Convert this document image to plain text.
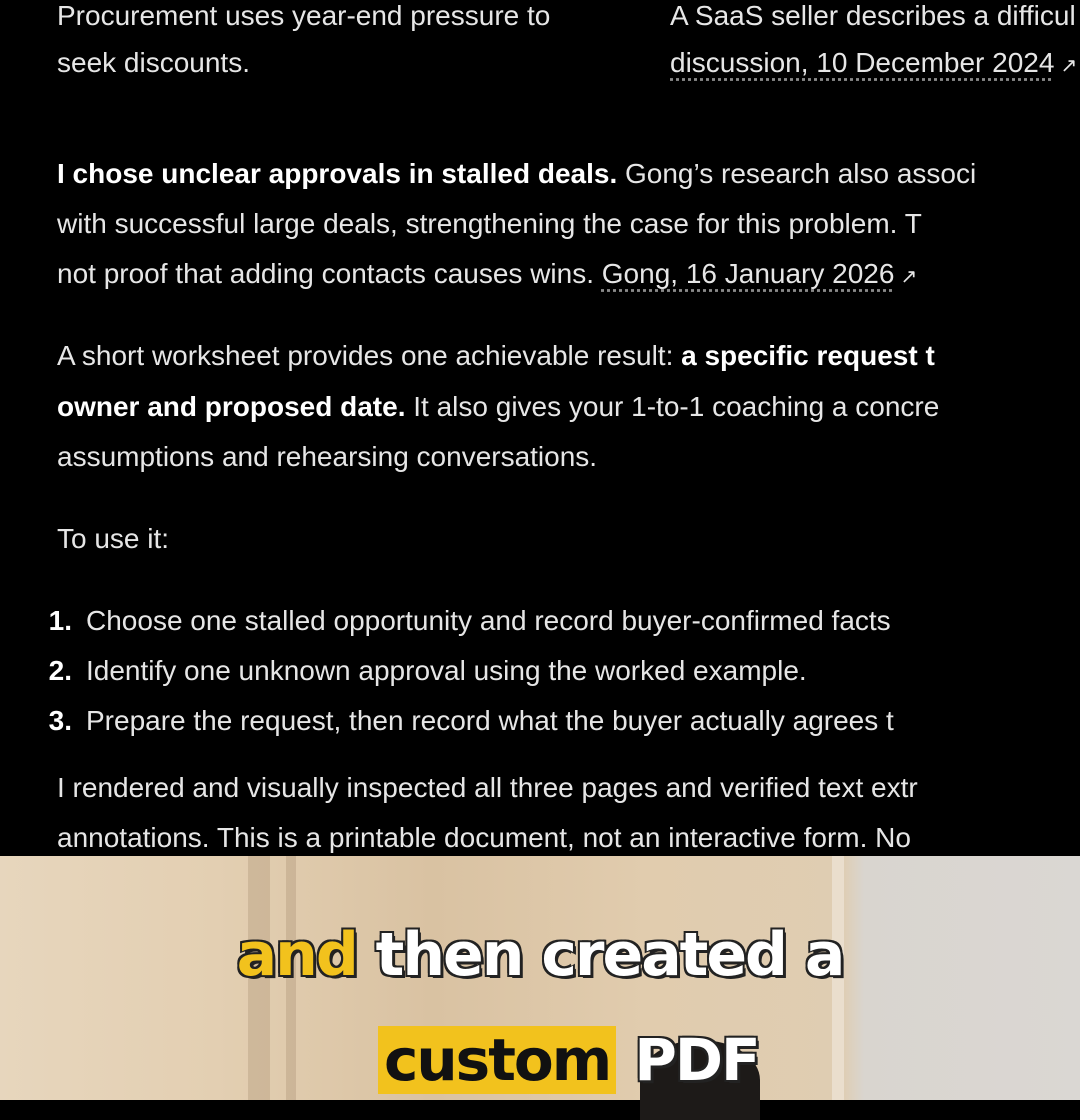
Procurement uses year-end pressure to
seek discounts.
A SaaS seller describes a difficul
discussion, 10 December 2024 ↗
I chose unclear approvals in stalled deals. Gong’s research also associ
with successful large deals, strengthening the case for this problem. T
not proof that adding contacts causes wins. Gong, 16 January 2026 ↗
A short worksheet provides one achievable result: a specific request t
owner and proposed date. It also gives your 1-to-1 coaching a concre
assumptions and rehearsing conversations.
To use it:
1. Choose one stalled opportunity and record buyer-confirmed facts
2. Identify one unknown approval using the worked example.
3. Prepare the request, then record what the buyer actually agrees t
I rendered and visually inspected all three pages and verified text extr
annotations. This is a printable document, not an interactive form. No
and then created a
custom PDF
